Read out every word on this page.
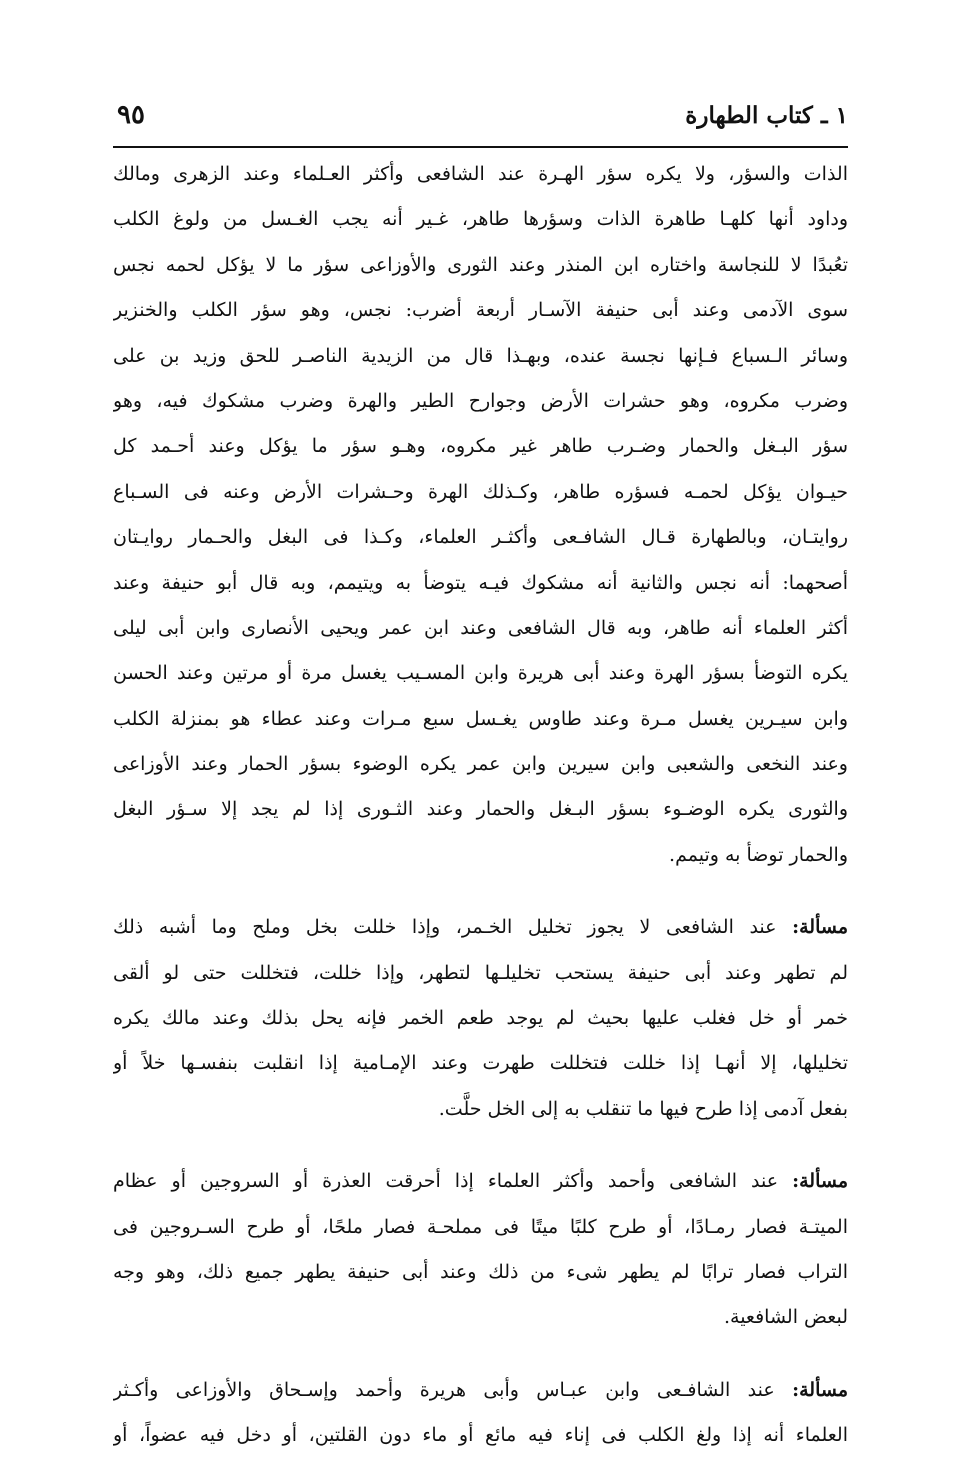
١ ـ كتاب الطهارة
٩٥
الذات والسؤر، ولا يكره سؤر الهـرة عند الشافعى وأكثر العـلماء وعند الزهرى ومالك
وداود أنها كلهـا طاهرة الذات وسؤرها طاهر، غـير أنه يجب الغـسل من ولوغ الكلب
تعُبدًا لا للنجاسة واختاره ابن المنذر وعند الثورى والأوزاعى سؤر ما لا يؤكل لحمه نجس
سوى الآدمى وعند أبى حنيفة الآسـار أربعة أضرب: نجس، وهو سؤر الكلب والخنزير
وسائر الـسباع فـإنها نجسة عنده، وبهـذا قال من الزيدية الناصـر للحق وزيد بن على
وضرب مكروه، وهو حشرات الأرض وجوارح الطير والهرة وضرب مشكوك فيه، وهو
سؤر البـغل والحمار وضـرب طاهر غير مكروه، وهـو سؤر ما يؤكل وعند أحـمد كل
حيـوان يؤكل لحمـه فسؤره طاهر، وكـذلك الهرة وحـشرات الأرض وعنه فى السـباع
روايتـان، وبالطهارة قـال الشافـعى وأكثـر العلماء، وكـذا فى البغل والحـمار روايـتان
أصحهما: أنه نجس والثانية أنه مشكوك فيـه يتوضأ به ويتيمم، وبه قال أبو حنيفة وعند
أكثر العلماء أنه طاهر، وبه قال الشافعى وعند ابن عمر ويحيى الأنصارى وابن أبى ليلى
يكره التوضأ بسؤر الهرة وعند أبى هريرة وابن المسـيب يغسل مرة أو مرتين وعند الحسن
وابن سيـرين يغسل مـرة وعند طاوس يغـسل سبع مـرات وعند عطاء هو بمنزلة الكلب
وعند النخعى والشعبى وابن سيرين وابن عمر يكره الوضوء بسؤر الحمار وعند الأوزاعى
والثورى يكره الوضـوء بسؤر البـغل والحمار وعند الثـورى إذا لم يجد إلا سـؤر البغل
والحمار توضأ به وتيمم.
مسألة: عند الشافعى لا يجوز تخليل الخـمر، وإذا خللت بخل وملح وما أشبه ذلك
لم تطهر وعند أبى حنيفة يستحب تخليلـها لتطهر، وإذا خللت، فتخللت حتى لو ألقى
خمر أو خل فغلب عليها بحيث لم يوجد طعم الخمر فإنه يحل بذلك وعند مالك يكره
تخليلها، إلا أنهـا إذا خللت فتخللت طهرت وعند الإمـامية إذا انقلبت بنفسـها خلاً أو
بفعل آدمى إذا طرح فيها ما تنقلب به إلى الخل حلَّت.
مسألة: عند الشافعى وأحمد وأكثر العلماء إذا أحرقت العذرة أو السروجين أو عظام
الميتـة فصار رمـادًا، أو طرح كلبًا ميتًا فى مملحـة فصار ملحًا، أو طرح السـروجين فى
التراب فصار ترابًا لم يطهر شىء من ذلك وعند أبى حنيفة يطهر جميع ذلك، وهو وجه
لبعض الشافعية.
مسألة: عند الشافـعى وابن عبـاس وأبى هريرة وأحمد وإسـحاق والأوزاعى وأكـثر
العلماء أنه إذا ولغ الكلب فى إناء فيه مائع أو ماء دون القلتين، أو دخل فيه عضواً، أو
